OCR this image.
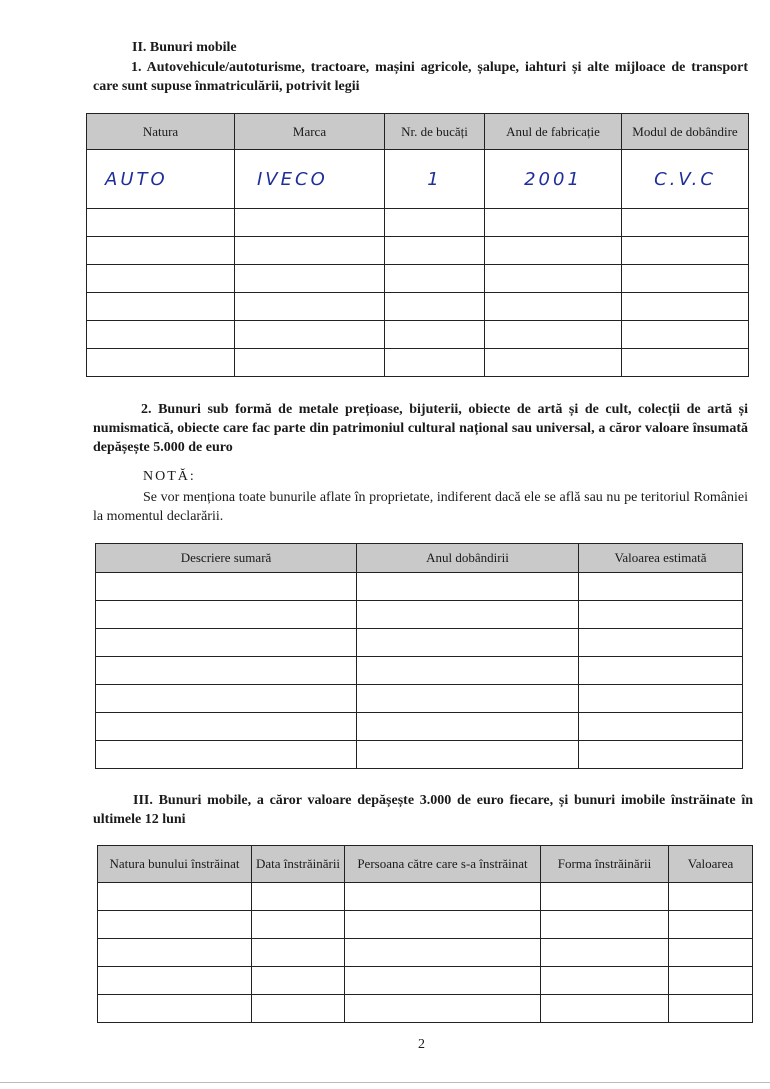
II. Bunuri mobile
1. Autovehicule/autoturisme, tractoare, mașini agricole, șalupe, iahturi și alte mijloace de transport care sunt supuse înmatriculării, potrivit legii
Natura	Marca	Nr. de bucăți	Anul de fabricație	Modul de dobândire
AUTO	IVECO	1	2001	C.V.C

2. Bunuri sub formă de metale prețioase, bijuterii, obiecte de artă și de cult, colecții de artă și numismatică, obiecte care fac parte din patrimoniul cultural național sau universal, a căror valoare însumată depășește 5.000 de euro
NOTĂ:
Se vor menționa toate bunurile aflate în proprietate, indiferent dacă ele se află sau nu pe teritoriul României la momentul declarării.
Descriere sumară	Anul dobândirii	Valoarea estimată

III. Bunuri mobile, a căror valoare depășește 3.000 de euro fiecare, și bunuri imobile înstrăinate în ultimele 12 luni
Natura bunului înstrăinat	Data înstrăinării	Persoana către care s-a înstrăinat	Forma înstrăinării	Valoarea

2
